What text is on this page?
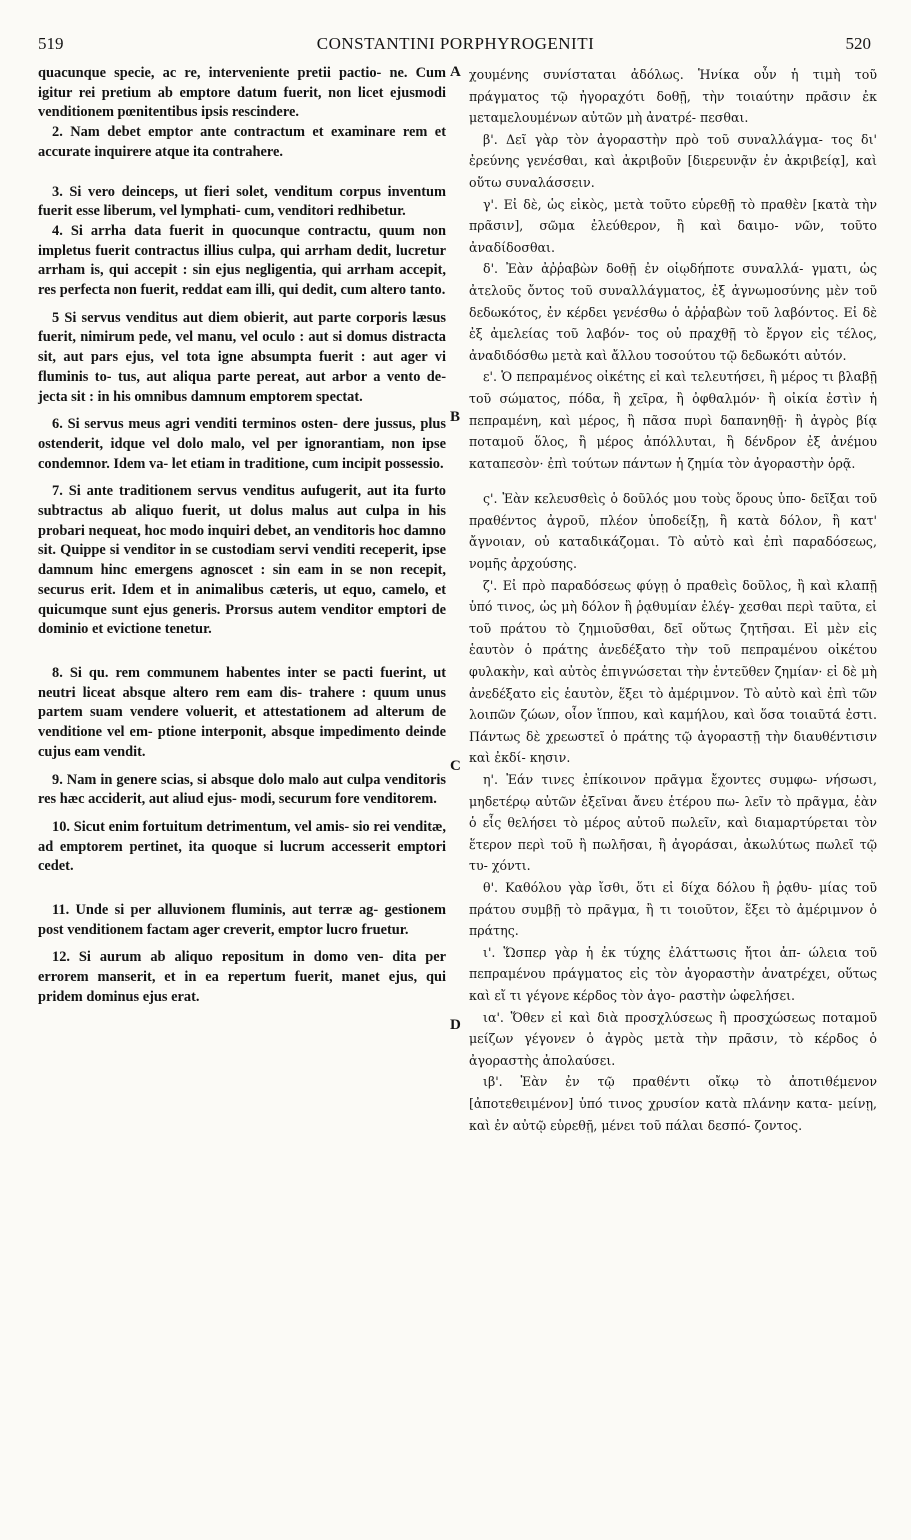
519	CONSTANTINI PORPHYROGENITI	520
A
B
C
D

quacunque specie, ac re, interveniente pretii pactio- ne. Cum igitur rei pretium ab emptore datum fuerit, non licet ejusmodi venditionem pœnitentibus ipsis rescindere.

2. Nam debet emptor ante contractum et examinare rem et accurate inquirere atque ita contrahere.

3. Si vero deinceps, ut fieri solet, venditum corpus inventum fuerit esse liberum, vel lymphati- cum, venditori redhibetur.

4. Si arrha data fuerit in quocunque contractu, quum non impletus fuerit contractus illius culpa, qui arrham dedit, lucretur arrham is, qui accepit : sin ejus negligentia, qui arrham accepit, res perfecta non fuerit, reddat eam illi, qui dedit, cum altero tanto.

5 Si servus venditus aut diem obierit, aut parte corporis læsus fuerit, nimirum pede, vel manu, vel oculo : aut si domus distracta sit, aut pars ejus, vel tota igne absumpta fuerit : aut ager vi fluminis to- tus, aut aliqua parte pereat, aut arbor a vento de- jecta sit : in his omnibus damnum emptorem spectat.

6. Si servus meus agri venditi terminos osten- dere jussus, plus ostenderit, idque vel dolo malo, vel per ignorantiam, non ipse condemnor. Idem va- let etiam in traditione, cum incipit possessio.

7. Si ante traditionem servus venditus aufugerit, aut ita furto subtractus ab aliquo fuerit, ut dolus malus aut culpa in his probari nequeat, hoc modo inquiri debet, an venditoris hoc damno sit. Quippe si venditor in se custodiam servi venditi receperit, ipse damnum hinc emergens agnoscet : sin eam in se non recepit, securus erit. Idem et in animalibus cæteris, ut equo, camelo, et quicumque sunt ejus generis. Prorsus autem venditor emptori de dominio et evictione tenetur.

8. Si qu. rem communem habentes inter se pacti fuerint, ut neutri liceat absque altero rem eam dis- trahere : quum unus partem suam vendere voluerit, et attestationem ad alterum de venditione vel em- ptione interponit, absque impedimento deinde cujus eam vendit.

9. Nam in genere scias, si absque dolo malo aut culpa venditoris res hæc acciderit, aut aliud ejus- modi, securum fore venditorem.

10. Sicut enim fortuitum detrimentum, vel amis- sio rei venditæ, ad emptorem pertinet, ita quoque si lucrum accesserit emptori cedet.

11. Unde si per alluvionem fluminis, aut terræ ag- gestionem post venditionem factam ager creverit, emptor lucro fruetur.

12. Si aurum ab aliquo repositum in domo ven- dita per errorem manserit, et in ea repertum fuerit, manet ejus, qui pridem dominus ejus erat.

χουμένης συνίσταται ἀδόλως. Ἡνίκα οὖν ἡ τιμὴ τοῦ πράγματος τῷ ἠγοραχότι δοθῇ, τὴν τοιαύτην πρᾶσιν ἐκ μεταμελουμένων αὐτῶν μὴ ἀνατρέ- πεσθαι.

β'. Δεῖ γὰρ τὸν ἀγοραστὴν πρὸ τοῦ συναλλάγμα- τος δι' ἐρεύνης γενέσθαι, καὶ ἀκριβοῦν [διερευνᾷν ἐν ἀκριβείᾳ], καὶ οὕτω συναλάσσειν.

γ'. Εἰ δὲ, ὡς εἰκὸς, μετὰ τοῦτο εὑρεθῇ τὸ πραθὲν [κατὰ τὴν πρᾶσιν], σῶμα ἐλεύθερον, ἢ καὶ δαιμο- νῶν, τοῦτο ἀναδίδοσθαι.

δ'. Ἐὰν ἀῤῥαβὼν δοθῇ ἐν οἱῳδήποτε συναλλά- γματι, ὡς ἀτελοῦς ὄντος τοῦ συναλλάγματος, ἐξ ἀγνωμοσύνης μὲν τοῦ δεδωκότος, ἐν κέρδει γενέσθω ὁ ἀῤῥαβὼν τοῦ λαβόντος. Εἰ δὲ ἐξ ἀμελείας τοῦ λαβόν- τος οὐ πραχθῇ τὸ ἔργον εἰς τέλος, ἀναδιδόσθω μετὰ καὶ ἄλλου τοσούτου τῷ δεδωκότι αὐτόν.

ε'. Ὁ πεπραμένος οἰκέτης εἰ καὶ τελευτήσει, ἢ μέρος τι βλαβῇ τοῦ σώματος, πόδα, ἢ χεῖρα, ἢ ὀφθαλμόν· ἢ οἰκία ἐστὶν ἡ πεπραμένη, καὶ μέρος, ἢ πᾶσα πυρὶ δαπανηθῇ· ἢ ἀγρὸς βίᾳ ποταμοῦ ὅλος, ἢ μέρος ἀπόλλυται, ἢ δένδρον ἐξ ἀνέμου καταπεσὸν· ἐπὶ τούτων πάντων ἡ ζημία τὸν ἀγοραστὴν ὁρᾷ.

ς'. Ἐὰν κελευσθεὶς ὁ δοῦλός μου τοὺς ὅρους ὑπο- δεῖξαι τοῦ πραθέντος ἀγροῦ, πλέον ὑποδείξῃ, ἢ κατὰ δόλον, ἢ κατ' ἄγνοιαν, οὐ καταδικάζομαι. Τὸ αὐτὸ καὶ ἐπὶ παραδόσεως, νομῆς ἀρχούσης.

ζ'. Εἰ πρὸ παραδόσεως φύγῃ ὁ πραθεὶς δοῦλος, ἢ καὶ κλαπῇ ὑπό τινος, ὡς μὴ δόλον ἢ ῥᾳθυμίαν ἐλέγ- χεσθαι περὶ ταῦτα, εἰ τοῦ πράτου τὸ ζημιοῦσθαι, δεῖ οὕτως ζητῆσαι. Εἰ μὲν εἰς ἑαυτὸν ὁ πράτης ἀνεδέξατο τὴν τοῦ πεπραμένου οἰκέτου φυλακὴν, καὶ αὐτὸς ἐπιγνώσεται τὴν ἐντεῦθεν ζημίαν· εἰ δὲ μὴ ἀνεδέξατο εἰς ἑαυτὸν, ἕξει τὸ ἀμέριμνον. Τὸ αὐτὸ καὶ ἐπὶ τῶν λοιπῶν ζώων, οἷον ἵππου, καὶ καμήλου, καὶ ὅσα τοιαῦτά ἐστι. Πάντως δὲ χρεωστεῖ ὁ πράτης τῷ ἀγοραστῇ τὴν διαυθέντισιν καὶ ἐκδί- κησιν.

η'. Ἐάν τινες ἐπίκοινον πρᾶγμα ἔχοντες συμφω- νήσωσι, μηδετέρῳ αὐτῶν ἐξεῖναι ἄνευ ἑτέρου πω- λεῖν τὸ πρᾶγμα, ἐὰν ὁ εἷς θελήσει τὸ μέρος αὐτοῦ πωλεῖν, καὶ διαμαρτύρεται τὸν ἕτερον περὶ τοῦ ἢ πωλῆσαι, ἢ ἀγοράσαι, ἀκωλύτως πωλεῖ τῷ τυ- χόντι.

θ'. Καθόλου γὰρ ἴσθι, ὅτι εἰ δίχα δόλου ἢ ῥᾳθυ- μίας τοῦ πράτου συμβῇ τὸ πρᾶγμα, ἢ τι τοιοῦτον, ἕξει τὸ ἀμέριμνον ὁ πράτης.

ι'. Ὥσπερ γὰρ ἡ ἐκ τύχης ἐλάττωσις ἤτοι ἀπ- ώλεια τοῦ πεπραμένου πράγματος εἰς τὸν ἀγοραστὴν ἀνατρέχει, οὕτως καὶ εἴ τι γέγονε κέρδος τὸν ἀγο- ραστὴν ὠφελήσει.

ια'. Ὅθεν εἰ καὶ διὰ προσχλύσεως ἢ προσχώσεως ποταμοῦ μείζων γέγονεν ὁ ἀγρὸς μετὰ τὴν πρᾶσιν, τὸ κέρδος ὁ ἀγοραστὴς ἀπολαύσει.

ιβ'. Ἐὰν ἐν τῷ πραθέντι οἴκῳ τὸ ἀποτιθέμενον [ἀποτεθειμένον] ὑπό τινος χρυσίον κατὰ πλάνην κατα- μείνῃ, καὶ ἐν αὐτῷ εὑρεθῇ, μένει τοῦ πάλαι δεσπό- ζοντος.
